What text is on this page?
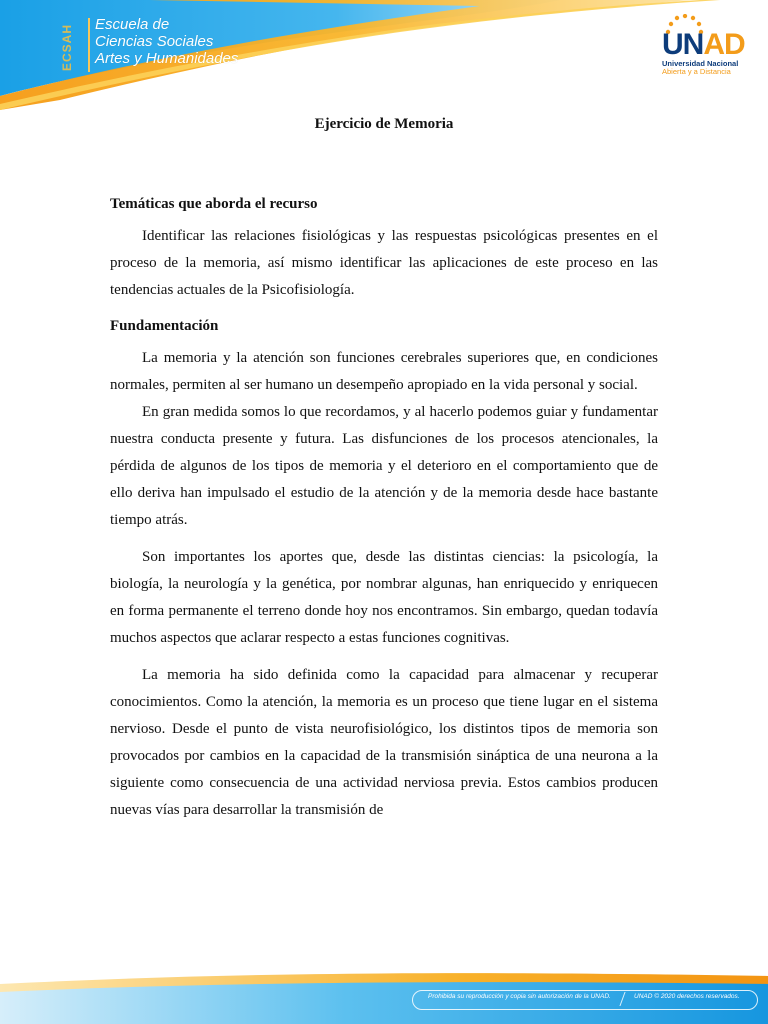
ECSAH	Escuela de
Ciencias Sociales
Artes y Humanidades	UNAD
Universidad Nacional
Abierta y a Distancia
Ejercicio de Memoria
Temáticas que aborda el recurso

Identificar las relaciones fisiológicas y las respuestas psicológicas presentes en el proceso de la memoria, así mismo identificar las aplicaciones de este proceso en las tendencias actuales de la Psicofisiología.

Fundamentación

La memoria y la atención son funciones cerebrales superiores que, en condiciones normales, permiten al ser humano un desempeño apropiado en la vida personal y social.

En gran medida somos lo que recordamos, y al hacerlo podemos guiar y fundamentar nuestra conducta presente y futura. Las disfunciones de los procesos atencionales, la pérdida de algunos de los tipos de memoria y el deterioro en el comportamiento que de ello deriva han impulsado el estudio de la atención y de la memoria desde hace bastante tiempo atrás.

Son importantes los aportes que, desde las distintas ciencias: la psicología, la biología, la neurología y la genética, por nombrar algunas, han enriquecido y enriquecen en forma permanente el terreno donde hoy nos encontramos. Sin embargo, quedan todavía muchos aspectos que aclarar respecto a estas funciones cognitivas.

La memoria ha sido definida como la capacidad para almacenar y recuperar conocimientos. Como la atención, la memoria es un proceso que tiene lugar en el sistema nervioso. Desde el punto de vista neurofisiológico, los distintos tipos de memoria son provocados por cambios en la capacidad de la transmisión sináptica de una neurona a la siguiente como consecuencia de una actividad nerviosa previa. Estos cambios producen nuevas vías para desarrollar la transmisión de

Prohibida su reproducción y copia sin autorización de la UNAD.	UNAD © 2020 derechos reservados.
